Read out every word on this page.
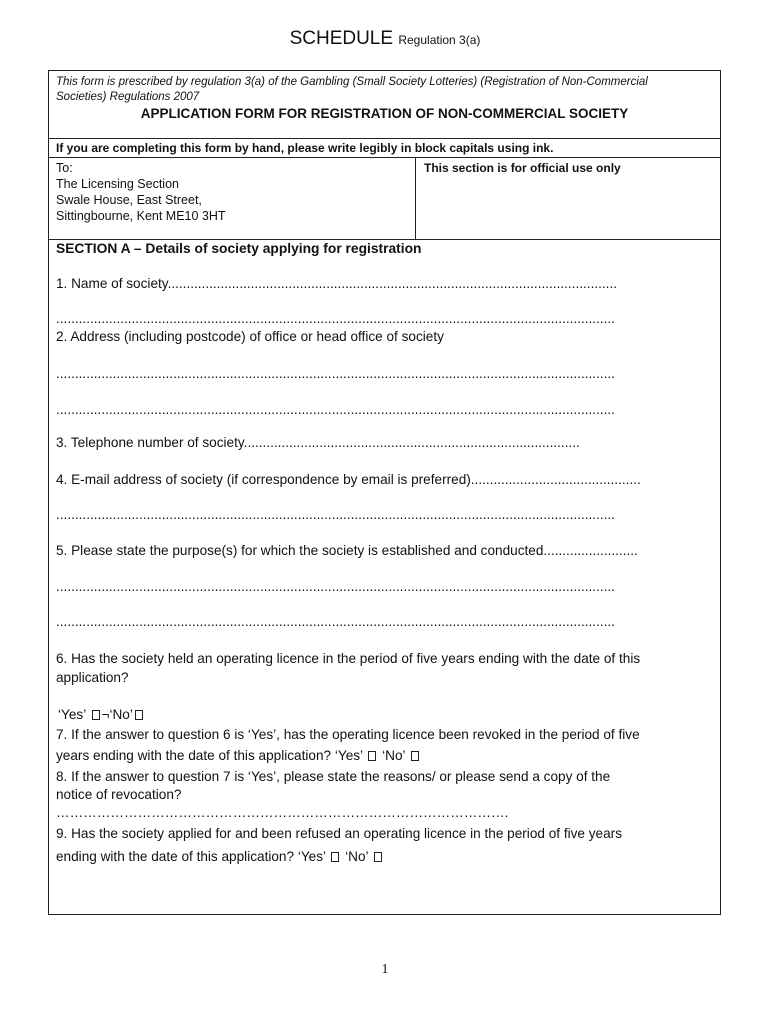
SCHEDULE Regulation 3(a)
This form is prescribed by regulation 3(a) of the Gambling (Small Society Lotteries) (Registration of Non-Commercial
Societies) Regulations 2007
APPLICATION FORM FOR REGISTRATION OF NON-COMMERCIAL SOCIETY
If you are completing this form by hand, please write legibly in block capitals using ink.
To:
The Licensing Section
Swale House, East Street,
Sittingbourne, Kent ME10 3HT
This section is for official use only
SECTION A – Details of society applying for registration
1. Name of society.......................................................................................................................
....................................................................................................................................................
2. Address (including postcode) of office or head office of society
....................................................................................................................................................
....................................................................................................................................................
3. Telephone number of society.........................................................................................
4. E-mail address of society (if correspondence by email is preferred).............................................
....................................................................................................................................................
5. Please state the purpose(s) for which the society is established and conducted.........................
....................................................................................................................................................
....................................................................................................................................................
6. Has the society held an operating licence in the period of five years ending with the date of this
application?
‘Yes’ ¬‘No’
7. If the answer to question 6 is ‘Yes’, has the operating licence been revoked in the period of five
years ending with the date of this application? ‘Yes’ ‘No’
8. If the answer to question 7 is ‘Yes’, please state the reasons/ or please send a copy of the
notice of revocation?
……………………………………………………………………………………….
9. Has the society applied for and been refused an operating licence in the period of five years
ending with the date of this application? ‘Yes’ ‘No’
1
